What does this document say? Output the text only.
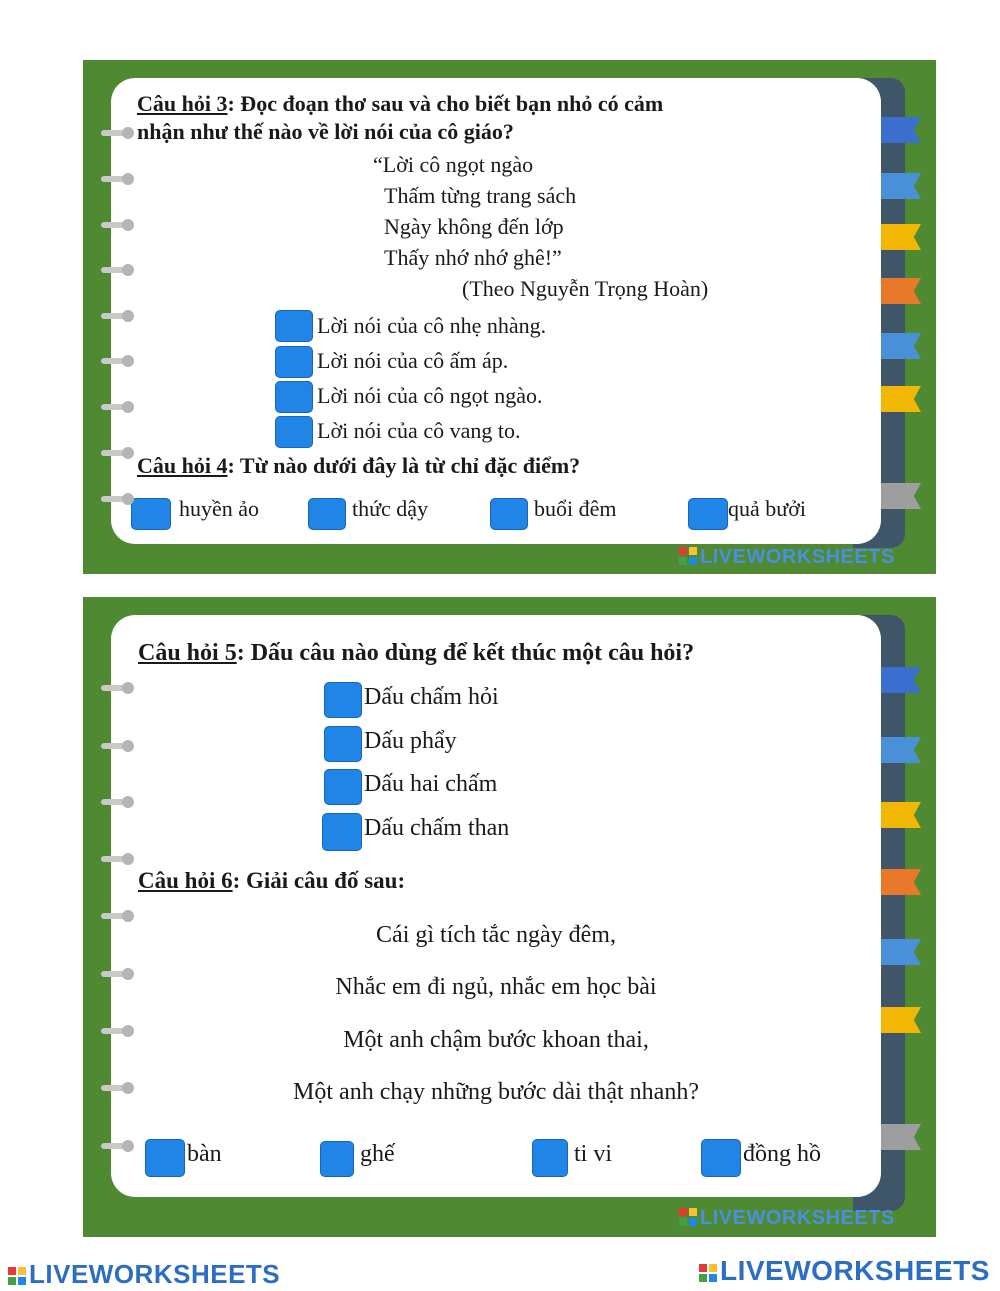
Câu hỏi 3: Đọc đoạn thơ sau và cho biết bạn nhỏ có cảm
nhận như thế nào về lời nói của cô giáo?
“Lời cô ngọt ngào
Thấm từng trang sách
Ngày không đến lớp
Thấy nhớ nhớ ghê!”
(Theo Nguyễn Trọng Hoàn)
Lời nói của cô nhẹ nhàng.
Lời nói của cô ấm áp.
Lời nói của cô ngọt ngào.
Lời nói của cô vang to.
Câu hỏi 4: Từ nào dưới đây là từ chỉ đặc điểm?
huyền ảo	thức dậy	buổi đêm	quả bưởi
LIVEWORKSHEETS
Câu hỏi 5: Dấu câu nào dùng để kết thúc một câu hỏi?
Dấu chấm hỏi
Dấu phẩy
Dấu hai chấm
Dấu chấm than
Câu hỏi 6: Giải câu đố sau:
Cái gì tích tắc ngày đêm,
Nhắc em đi ngủ, nhắc em học bài
Một anh chậm bước khoan thai,
Một anh chạy những bước dài thật nhanh?
bàn	ghế	ti vi	đồng hồ
LIVEWORKSHEETS
LIVEWORKSHEETS	LIVEWORKSHEETS
